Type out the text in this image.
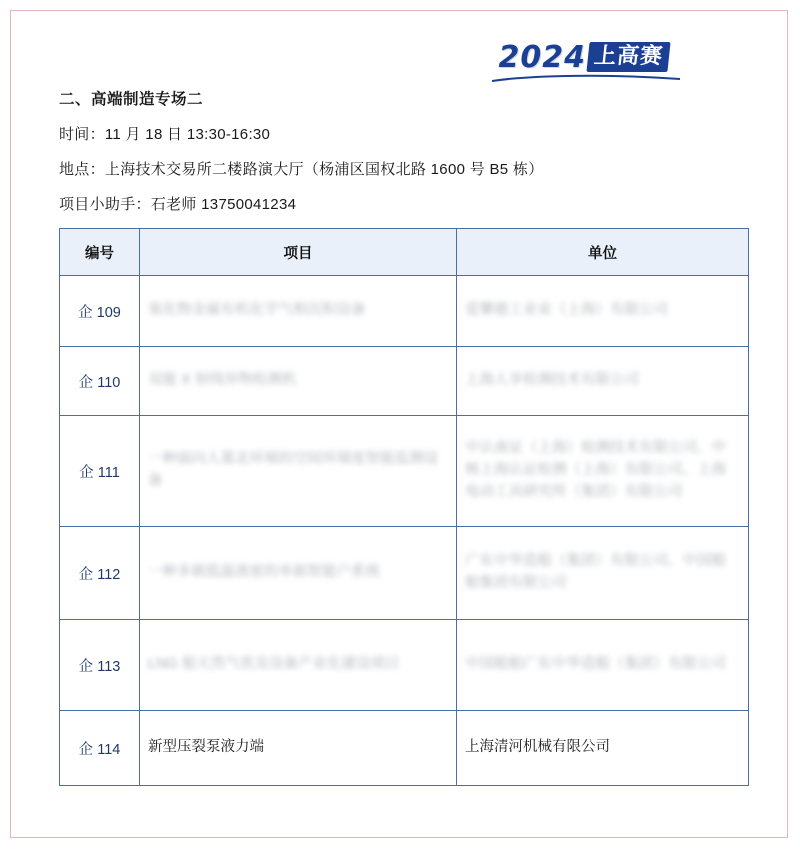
2024 上高赛
二、高端制造专场二

时间：11 月 18 日 13:30-16:30

地点：上海技术交易所二楼路演大厅（杨浦区国权北路 1600 号 B5 栋）

项目小助手：石老师 13750041234

编号	项目	单位
企 109	氧化物金属有机化学气相沉积设备	爱攀德工业业（上海）有限公司
企 110	双能 X 射线异物检测机	上海人享检测技术有限公司
企 111	一种面向人墓北环境的空间环境度智能监测设备	中认南证（上海）检测技术有限公司、中核上海认证检测（上海）有限公司、上海电动工具研究所（集团）有限公司
企 112	一种多载低温液密的单据智能户系统	广东中华造船（集团）有限公司、中国船舶集团有限公司
企 113	LNG 船天然气优及设备产业化建设项目	中国船舶广东中华造船（集团）有限公司
企 114	新型压裂泵液力端	上海清河机械有限公司
